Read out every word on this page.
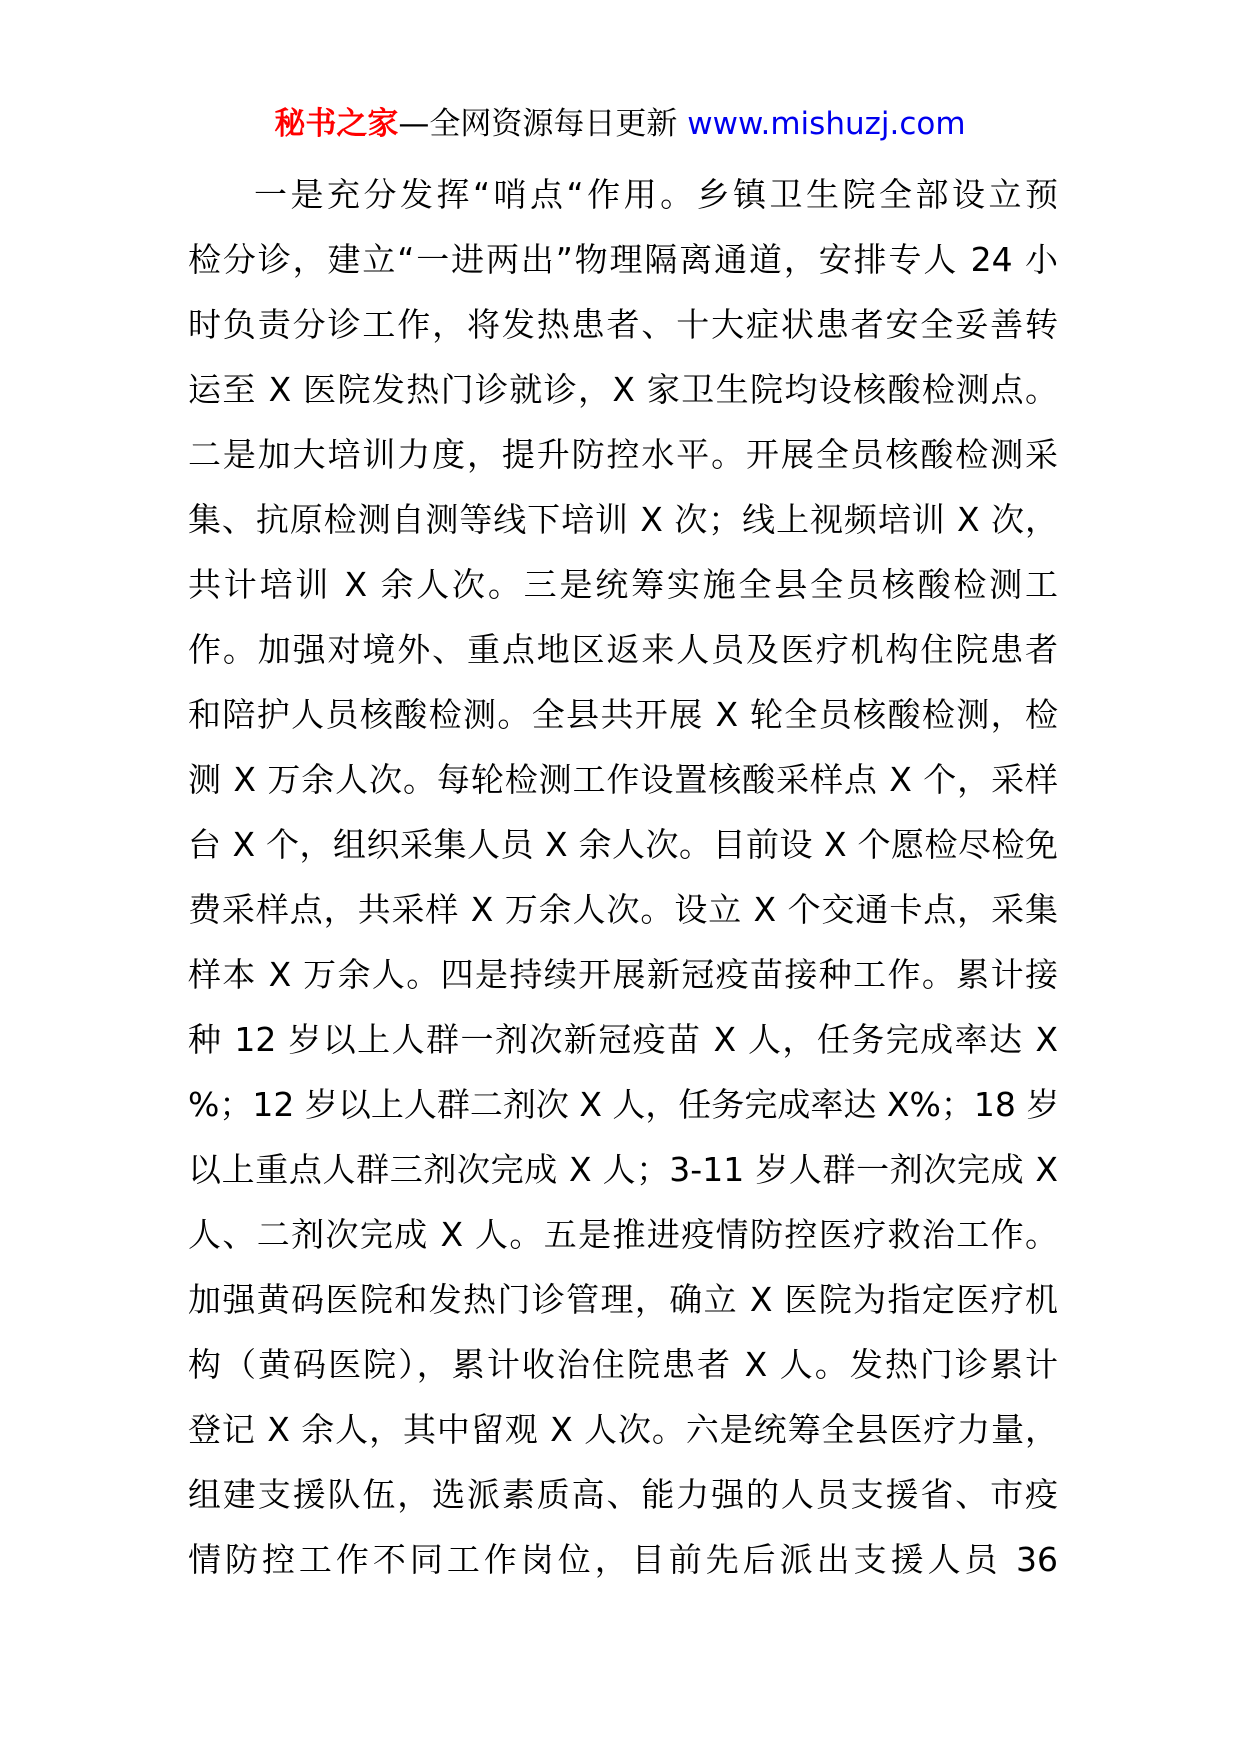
秘书之家—全网资源每日更新 www.mishuzj.com
一是充分发挥“哨点“作用。乡镇卫生院全部设立预
检分诊，建立“一进两出”物理隔离通道，安排专人 24 小
时负责分诊工作，将发热患者、十大症状患者安全妥善转
运至 X 医院发热门诊就诊，X 家卫生院均设核酸检测点。
二是加大培训力度，提升防控水平。开展全员核酸检测采
集、抗原检测自测等线下培训 X 次；线上视频培训 X 次，
共计培训 X 余人次。三是统筹实施全县全员核酸检测工
作。加强对境外、重点地区返来人员及医疗机构住院患者
和陪护人员核酸检测。全县共开展 X 轮全员核酸检测，检
测 X 万余人次。每轮检测工作设置核酸采样点 X 个，采样
台 X 个，组织采集人员 X 余人次。目前设 X 个愿检尽检免
费采样点，共采样 X 万余人次。设立 X 个交通卡点，采集
样本 X 万余人。四是持续开展新冠疫苗接种工作。累计接
种 12 岁以上人群一剂次新冠疫苗 X 人，任务完成率达 X
%；12 岁以上人群二剂次 X 人，任务完成率达 X%；18 岁
以上重点人群三剂次完成 X 人；3-11 岁人群一剂次完成 X
人、二剂次完成 X 人。五是推进疫情防控医疗救治工作。
加强黄码医院和发热门诊管理，确立 X 医院为指定医疗机
构（黄码医院），累计收治住院患者 X 人。发热门诊累计
登记 X 余人，其中留观 X 人次。六是统筹全县医疗力量，
组建支援队伍，选派素质高、能力强的人员支援省、市疫
情防控工作不同工作岗位，目前先后派出支援人员 36
